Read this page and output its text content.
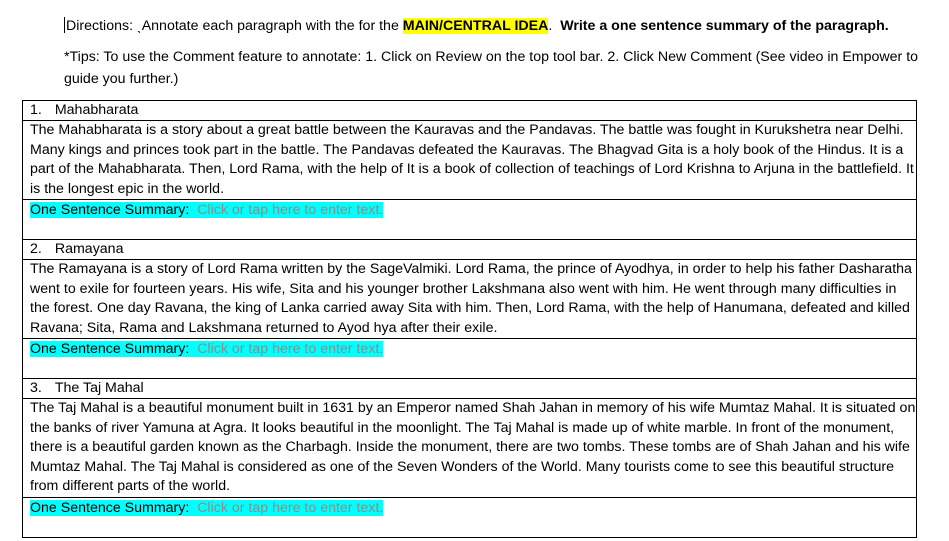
Directions: ˎAnnotate each paragraph with the for the MAIN/CENTRAL IDEA. Write a one sentence summary of the paragraph.
*Tips: To use the Comment feature to annotate: 1. Click on Review on the top tool bar. 2. Click New Comment (See video in Empower to guide you further.)
1. Mahabharata
The Mahabharata is a story about a great battle between the Kauravas and the Pandavas. The battle was fought in Kurukshetra near Delhi. Many kings and princes took part in the battle. The Pandavas defeated the Kauravas. The Bhagvad Gita is a holy book of the Hindus. It is a part of the Mahabharata. Then, Lord Rama, with the help of It is a book of collection of teachings of Lord Krishna to Arjuna in the battlefield. It is the longest epic in the world.
One Sentence Summary: Click or tap here to enter text.
2. Ramayana
The Ramayana is a story of Lord Rama written by the SageValmiki. Lord Rama, the prince of Ayodhya, in order to help his father Dasharatha went to exile for fourteen years. His wife, Sita and his younger brother Lakshmana also went with him. He went through many difficulties in the forest. One day Ravana, the king of Lanka carried away Sita with him. Then, Lord Rama, with the help of Hanumana, defeated and killed Ravana; Sita, Rama and Lakshmana returned to Ayod hya after their exile.
One Sentence Summary: Click or tap here to enter text.
3. The Taj Mahal
The Taj Mahal is a beautiful monument built in 1631 by an Emperor named Shah Jahan in memory of his wife Mumtaz Mahal. It is situated on the banks of river Yamuna at Agra. It looks beautiful in the moonlight. The Taj Mahal is made up of white marble. In front of the monument, there is a beautiful garden known as the Charbagh. Inside the monument, there are two tombs. These tombs are of Shah Jahan and his wife Mumtaz Mahal. The Taj Mahal is considered as one of the Seven Wonders of the World. Many tourists come to see this beautiful structure from different parts of the world.
One Sentence Summary: Click or tap here to enter text.
